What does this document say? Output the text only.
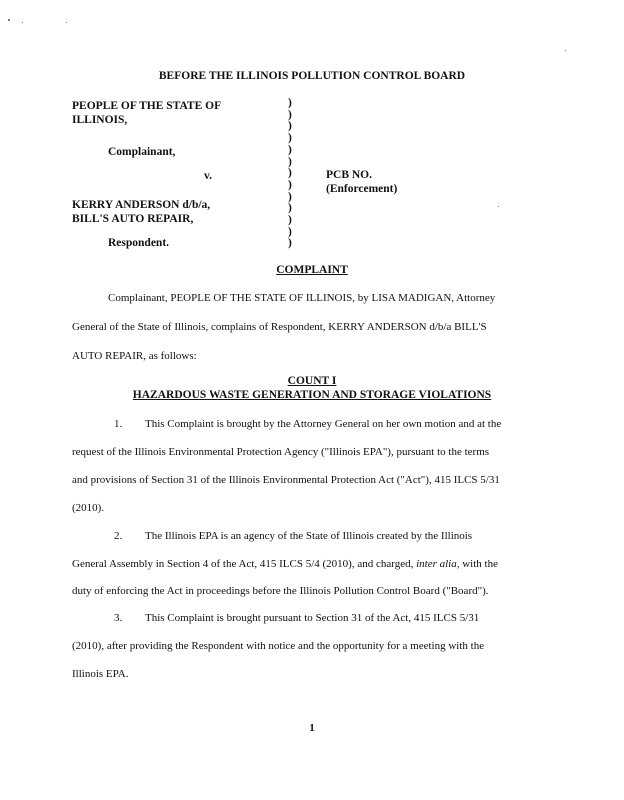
BEFORE THE ILLINOIS POLLUTION CONTROL BOARD
PEOPLE OF THE STATE OF
ILLINOIS,
Complainant,
v.
KERRY ANDERSON d/b/a,
BILL'S AUTO REPAIR,
Respondent.
)
)
)
)
)
)
)
)
)
)
)
)
)
PCB NO.
(Enforcement)
COMPLAINT
Complainant, PEOPLE OF THE STATE OF ILLINOIS, by LISA MADIGAN, Attorney
General of the State of Illinois, complains of Respondent, KERRY ANDERSON d/b/a BILL'S
AUTO REPAIR, as follows:
COUNT I
HAZARDOUS WASTE GENERATION AND STORAGE VIOLATIONS
1. This Complaint is brought by the Attorney General on her own motion and at the
request of the Illinois Environmental Protection Agency ("Illinois EPA"), pursuant to the terms
and provisions of Section 31 of the Illinois Environmental Protection Act ("Act"), 415 ILCS 5/31
(2010).
2. The Illinois EPA is an agency of the State of Illinois created by the Illinois
General Assembly in Section 4 of the Act, 415 ILCS 5/4 (2010), and charged, inter alia, with the
duty of enforcing the Act in proceedings before the Illinois Pollution Control Board ("Board").
3. This Complaint is brought pursuant to Section 31 of the Act, 415 ILCS 5/31
(2010), after providing the Respondent with notice and the opportunity for a meeting with the
Illinois EPA.
1
